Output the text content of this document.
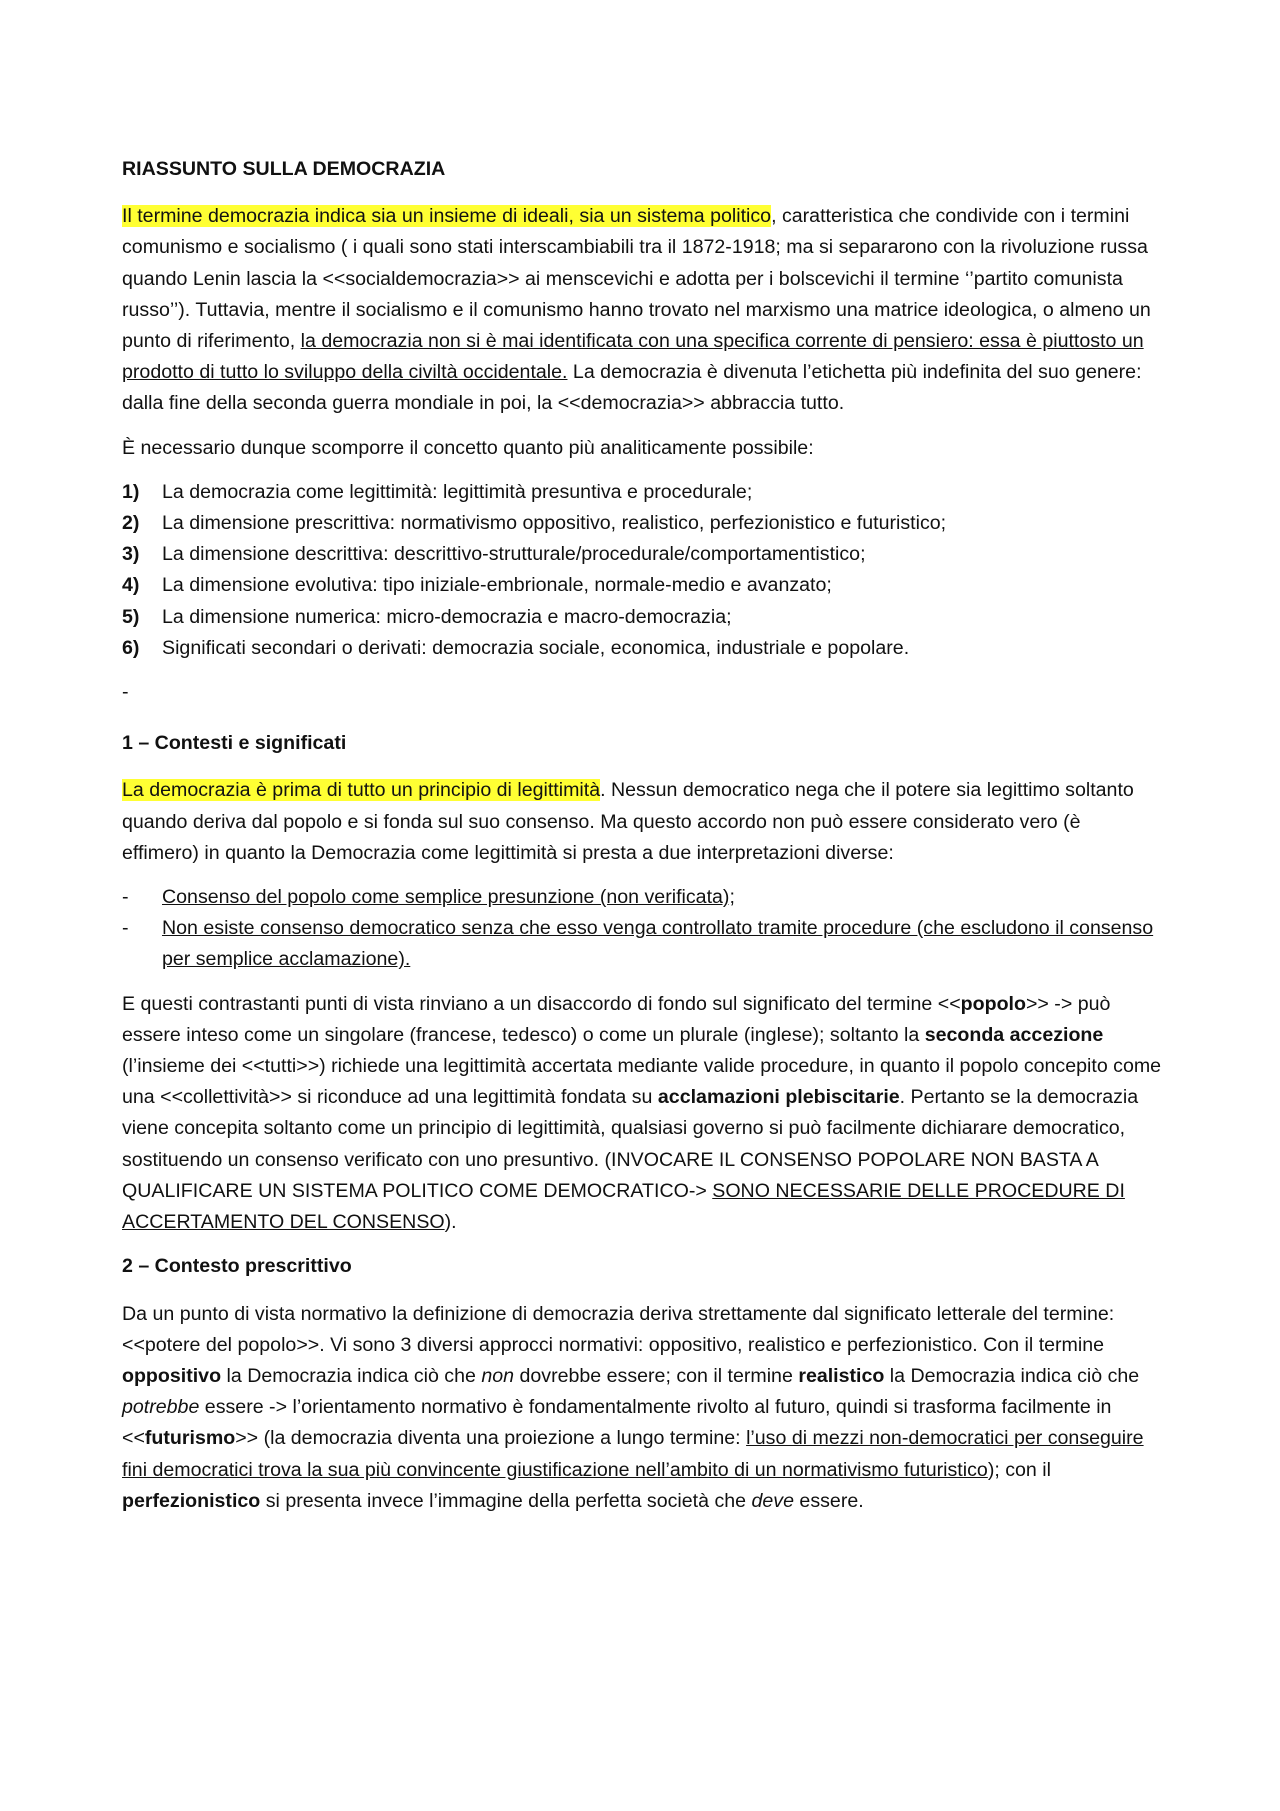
RIASSUNTO SULLA DEMOCRAZIA

Il termine democrazia indica sia un insieme di ideali, sia un sistema politico, caratteristica che condivide con i termini comunismo e socialismo ( i quali sono stati interscambiabili tra il 1872-1918; ma si separarono con la rivoluzione russa quando Lenin lascia la <<socialdemocrazia>> ai menscevichi e adotta per i bolscevichi il termine ‘’partito comunista russo’’). Tuttavia, mentre il socialismo e il comunismo hanno trovato nel marxismo una matrice ideologica, o almeno un punto di riferimento, la democrazia non si è mai identificata con una specifica corrente di pensiero: essa è piuttosto un prodotto di tutto lo sviluppo della civiltà occidentale. La democrazia è divenuta l’etichetta più indefinita del suo genere: dalla fine della seconda guerra mondiale in poi, la <<democrazia>> abbraccia tutto.

È necessario dunque scomporre il concetto quanto più analiticamente possibile:

1) La democrazia come legittimità: legittimità presuntiva e procedurale;
2) La dimensione prescrittiva: normativismo oppositivo, realistico, perfezionistico e futuristico;
3) La dimensione descrittiva: descrittivo-strutturale/procedurale/comportamentistico;
4) La dimensione evolutiva: tipo iniziale-embrionale, normale-medio e avanzato;
5) La dimensione numerica: micro-democrazia e macro-democrazia;
6) Significati secondari o derivati: democrazia sociale, economica, industriale e popolare.

-

1 – Contesti e significati

La democrazia è prima di tutto un principio di legittimità. Nessun democratico nega che il potere sia legittimo soltanto quando deriva dal popolo e si fonda sul suo consenso. Ma questo accordo non può essere considerato vero (è effimero) in quanto la Democrazia come legittimità si presta a due interpretazioni diverse:

- Consenso del popolo come semplice presunzione (non verificata);
- Non esiste consenso democratico senza che esso venga controllato tramite procedure (che escludono il consenso per semplice acclamazione).

E questi contrastanti punti di vista rinviano a un disaccordo di fondo sul significato del termine <<popolo>> -> può essere inteso come un singolare (francese, tedesco) o come un plurale (inglese); soltanto la seconda accezione (l’insieme dei <<tutti>>) richiede una legittimità accertata mediante valide procedure, in quanto il popolo concepito come una <<collettività>> si riconduce ad una legittimità fondata su acclamazioni plebiscitarie. Pertanto se la democrazia viene concepita soltanto come un principio di legittimità, qualsiasi governo si può facilmente dichiarare democratico, sostituendo un consenso verificato con uno presuntivo. (INVOCARE IL CONSENSO POPOLARE NON BASTA A QUALIFICARE UN SISTEMA POLITICO COME DEMOCRATICO-> SONO NECESSARIE DELLE PROCEDURE DI ACCERTAMENTO DEL CONSENSO).

2 – Contesto prescrittivo

Da un punto di vista normativo la definizione di democrazia deriva strettamente dal significato letterale del termine:<<potere del popolo>>. Vi sono 3 diversi approcci normativi: oppositivo, realistico e perfezionistico. Con il termine oppositivo la Democrazia indica ciò che non dovrebbe essere; con il termine realistico la Democrazia indica ciò che potrebbe essere -> l’orientamento normativo è fondamentalmente rivolto al futuro, quindi si trasforma facilmente in <<futurismo>> (la democrazia diventa una proiezione a lungo termine: l’uso di mezzi non-democratici per conseguire fini democratici trova la sua più convincente giustificazione nell’ambito di un normativismo futuristico); con il perfezionistico si presenta invece l’immagine della perfetta società che deve essere.
